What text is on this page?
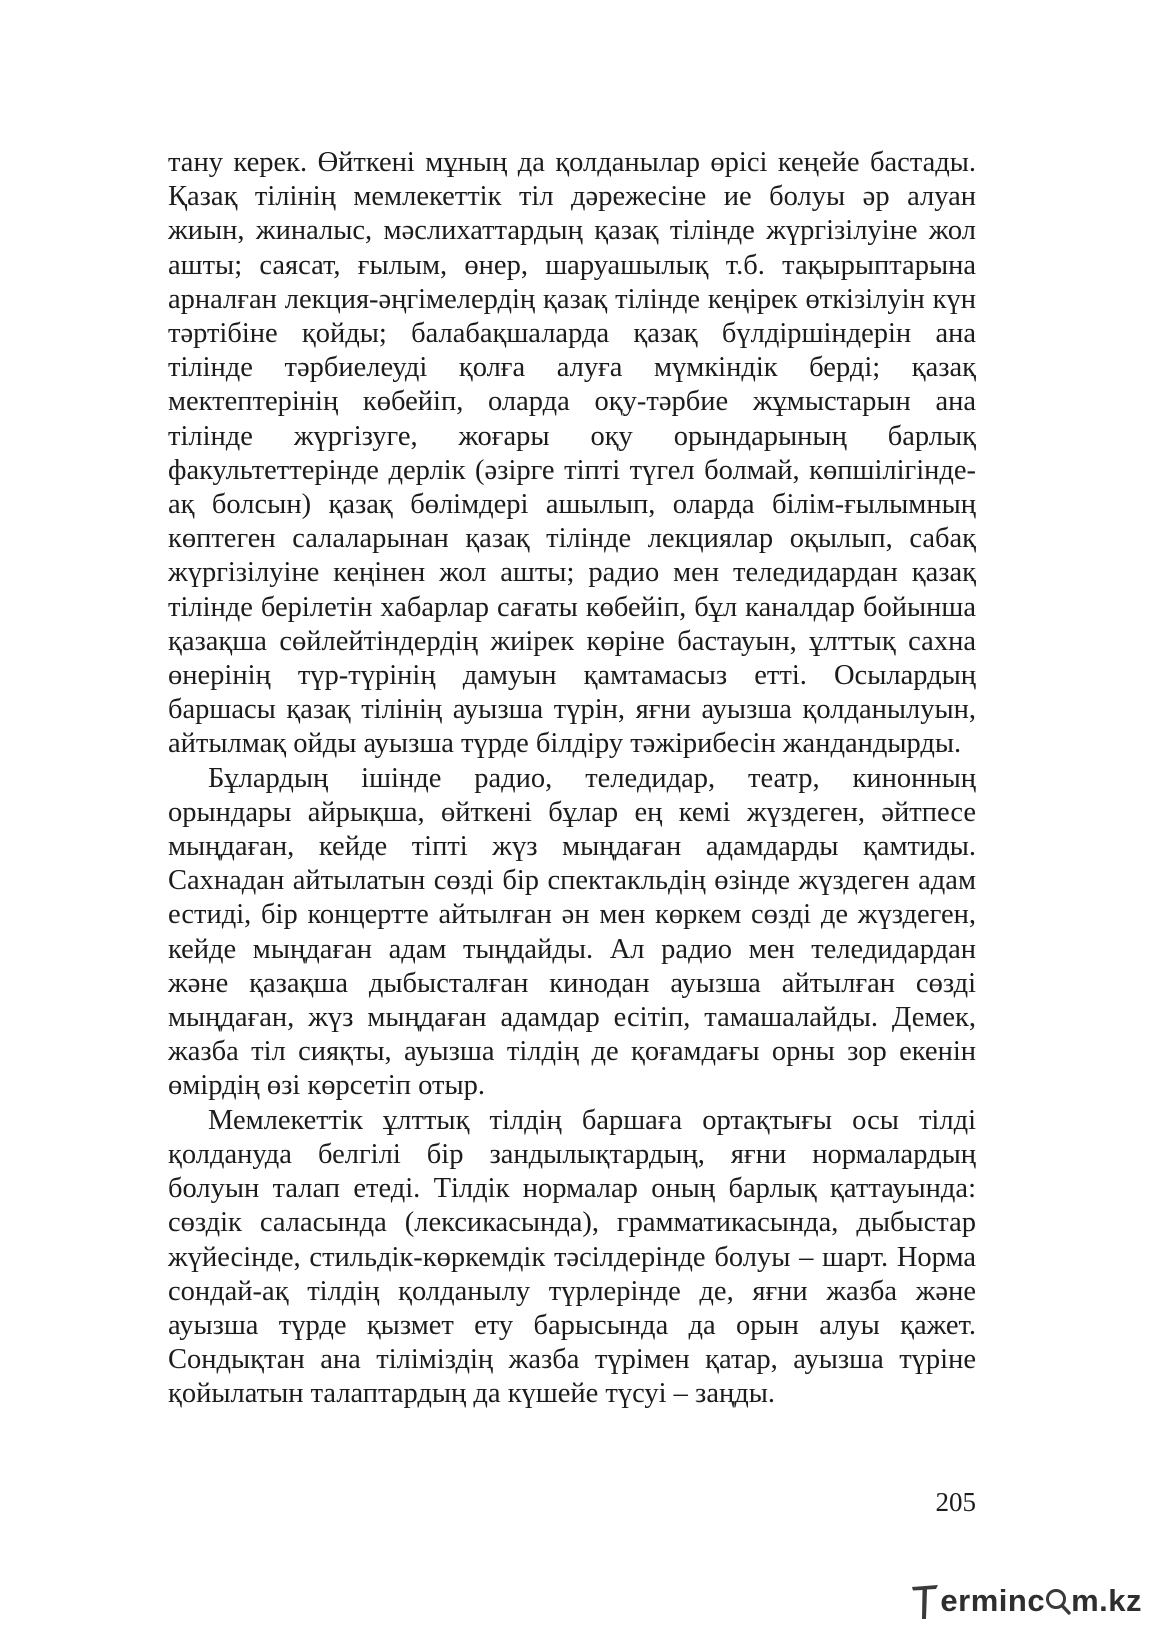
тану керек. Өйткені мұның да қолданылар өрісі кеңейе бастады. Қазақ тілінің мемлекеттік тіл дәрежесіне ие болуы әр алуан жиын, жиналыс, мәслихаттардың қазақ тілінде жүргізілуіне жол ашты; саясат, ғылым, өнер, шаруашылық т.б. тақырыптарына арналған лекция-әңгімелердің қазақ тілінде кеңірек өткізілуін күн тәртібіне қойды; балабақшаларда қазақ бүлдіршіндерін ана тілінде тәрбиелеуді қолға алуға мүмкіндік берді; қазақ мектептерінің көбейіп, оларда оқу-тәрбие жұмыстарын ана тілінде жүргізуге, жоғары оқу орындарының барлық факультеттерінде дерлік (әзірге тіпті түгел болмай, көпшілігінде-ақ болсын) қазақ бөлімдері ашылып, оларда білім-ғылымның көптеген салаларынан қазақ тілінде лекциялар оқылып, сабақ жүргізілуіне кеңінен жол ашты; радио мен теледидардан қазақ тілінде берілетін хабарлар сағаты көбейіп, бұл каналдар бойынша қазақша сөйлейтіндердің жиірек көріне бастауын, ұлттық сахна өнерінің түр-түрінің дамуын қамтамасыз етті. Осылардың баршасы қазақ тілінің ауызша түрін, яғни ауызша қолданылуын, айтылмақ ойды ауызша түрде білдіру тәжірибесін жандандырды.

Бұлардың ішінде радио, теледидар, театр, кинонның орындары айрықша, өйткені бұлар ең кемі жүздеген, әйтпесе мыңдаған, кейде тіпті жүз мыңдаған адамдарды қамтиды. Сахнадан айтылатын сөзді бір спектакльдің өзінде жүздеген адам естиді, бір концертте айтылған ән мен көркем сөзді де жүздеген, кейде мыңдаған адам тыңдайды. Ал радио мен теледидардан және қазақша дыбысталған кинодан ауызша айтылған сөзді мыңдаған, жүз мыңдаған адамдар есітіп, тамашалайды. Демек, жазба тіл сияқты, ауызша тілдің де қоғамдағы орны зор екенін өмірдің өзі көрсетіп отыр.

Мемлекеттік ұлттық тілдің баршаға ортақтығы осы тілді қолдануда белгілі бір зандылықтардың, яғни нормалардың болуын талап етеді. Тілдік нормалар оның барлық қаттауында: сөздік саласында (лексикасында), грамматикасында, дыбыстар жүйесінде, стильдік-көркемдік тәсілдерінде болуы – шарт. Норма сондай-ақ тілдің қолданылу түрлерінде де, яғни жазба және ауызша түрде қызмет ету барысында да орын алуы қажет. Сондықтан ана тіліміздің жазба түрімен қатар, ауызша түріне қойылатын талаптардың да күшейе түсуі – заңды.

205
ermin c m.kz
